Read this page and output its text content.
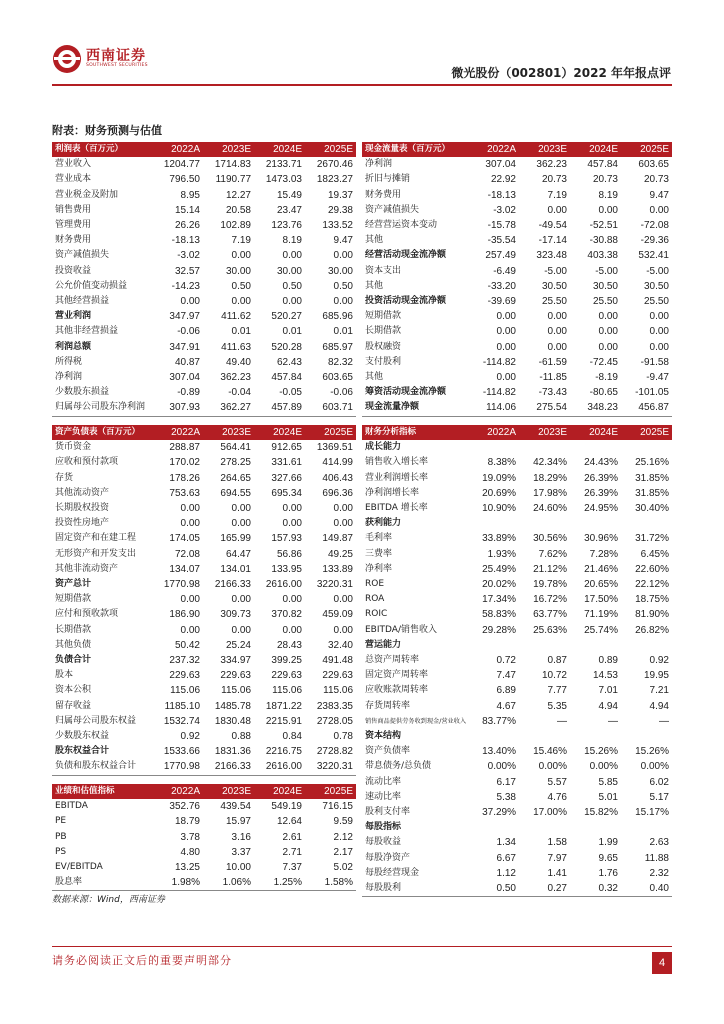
西南证券
SOUTHWEST SECURITIES
微光股份（002801）2022 年年报点评
附表：财务预测与估值
利润表（百万元）	2022A	2023E	2024E	2025E
营业收入	1204.77	1714.83	2133.71	2670.46
营业成本	796.50	1190.77	1473.03	1823.27
营业税金及附加	8.95	12.27	15.49	19.37
销售费用	15.14	20.58	23.47	29.38
管理费用	26.26	102.89	123.76	133.52
财务费用	-18.13	7.19	8.19	9.47
资产减值损失	-3.02	0.00	0.00	0.00
投资收益	32.57	30.00	30.00	30.00
公允价值变动损益	-14.23	0.50	0.50	0.50
其他经营损益	0.00	0.00	0.00	0.00
营业利润	347.97	411.62	520.27	685.96
其他非经营损益	-0.06	0.01	0.01	0.01
利润总额	347.91	411.63	520.28	685.97
所得税	40.87	49.40	62.43	82.32
净利润	307.04	362.23	457.84	603.65
少数股东损益	-0.89	-0.04	-0.05	-0.06
归属母公司股东净利润	307.93	362.27	457.89	603.71
现金流量表（百万元）	2022A	2023E	2024E	2025E
净利润	307.04	362.23	457.84	603.65
折旧与摊销	22.92	20.73	20.73	20.73
财务费用	-18.13	7.19	8.19	9.47
资产减值损失	-3.02	0.00	0.00	0.00
经营营运资本变动	-15.78	-49.54	-52.51	-72.08
其他	-35.54	-17.14	-30.88	-29.36
经营活动现金流净额	257.49	323.48	403.38	532.41
资本支出	-6.49	-5.00	-5.00	-5.00
其他	-33.20	30.50	30.50	30.50
投资活动现金流净额	-39.69	25.50	25.50	25.50
短期借款	0.00	0.00	0.00	0.00
长期借款	0.00	0.00	0.00	0.00
股权融资	0.00	0.00	0.00	0.00
支付股利	-114.82	-61.59	-72.45	-91.58
其他	0.00	-11.85	-8.19	-9.47
筹资活动现金流净额	-114.82	-73.43	-80.65	-101.05
现金流量净额	114.06	275.54	348.23	456.87
资产负债表（百万元）	2022A	2023E	2024E	2025E
货币资金	288.87	564.41	912.65	1369.51
应收和预付款项	170.02	278.25	331.61	414.99
存货	178.26	264.65	327.66	406.43
其他流动资产	753.63	694.55	695.34	696.36
长期股权投资	0.00	0.00	0.00	0.00
投资性房地产	0.00	0.00	0.00	0.00
固定资产和在建工程	174.05	165.99	157.93	149.87
无形资产和开发支出	72.08	64.47	56.86	49.25
其他非流动资产	134.07	134.01	133.95	133.89
资产总计	1770.98	2166.33	2616.00	3220.31
短期借款	0.00	0.00	0.00	0.00
应付和预收款项	186.90	309.73	370.82	459.09
长期借款	0.00	0.00	0.00	0.00
其他负债	50.42	25.24	28.43	32.40
负债合计	237.32	334.97	399.25	491.48
股本	229.63	229.63	229.63	229.63
资本公积	115.06	115.06	115.06	115.06
留存收益	1185.10	1485.78	1871.22	2383.35
归属母公司股东权益	1532.74	1830.48	2215.91	2728.05
少数股东权益	0.92	0.88	0.84	0.78
股东权益合计	1533.66	1831.36	2216.75	2728.82
负债和股东权益合计	1770.98	2166.33	2616.00	3220.31
财务分析指标	2022A	2023E	2024E	2025E
成长能力				
销售收入增长率	8.38%	42.34%	24.43%	25.16%
营业利润增长率	19.09%	18.29%	26.39%	31.85%
净利润增长率	20.69%	17.98%	26.39%	31.85%
EBITDA 增长率	10.90%	24.60%	24.95%	30.40%
获利能力				
毛利率	33.89%	30.56%	30.96%	31.72%
三费率	1.93%	7.62%	7.28%	6.45%
净利率	25.49%	21.12%	21.46%	22.60%
ROE	20.02%	19.78%	20.65%	22.12%
ROA	17.34%	16.72%	17.50%	18.75%
ROIC	58.83%	63.77%	71.19%	81.90%
EBITDA/销售收入	29.28%	25.63%	25.74%	26.82%
营运能力				
总资产周转率	0.72	0.87	0.89	0.92
固定资产周转率	7.47	10.72	14.53	19.95
应收账款周转率	6.89	7.77	7.01	7.21
存货周转率	4.67	5.35	4.94	4.94
销售商品提供劳务收到现金/营业收入	83.77%	—	—	—
资本结构				
资产负债率	13.40%	15.46%	15.26%	15.26%
带息债务/总负债	0.00%	0.00%	0.00%	0.00%
流动比率	6.17	5.57	5.85	6.02
速动比率	5.38	4.76	5.01	5.17
股利支付率	37.29%	17.00%	15.82%	15.17%
每股指标				
每股收益	1.34	1.58	1.99	2.63
每股净资产	6.67	7.97	9.65	11.88
每股经营现金	1.12	1.41	1.76	2.32
每股股利	0.50	0.27	0.32	0.40
业绩和估值指标	2022A	2023E	2024E	2025E
EBITDA	352.76	439.54	549.19	716.15
PE	18.79	15.97	12.64	9.59
PB	3.78	3.16	2.61	2.12
PS	4.80	3.37	2.71	2.17
EV/EBITDA	13.25	10.00	7.37	5.02
股息率	1.98%	1.06%	1.25%	1.58%
数据来源：Wind，西南证券
请务必阅读正文后的重要声明部分	4
